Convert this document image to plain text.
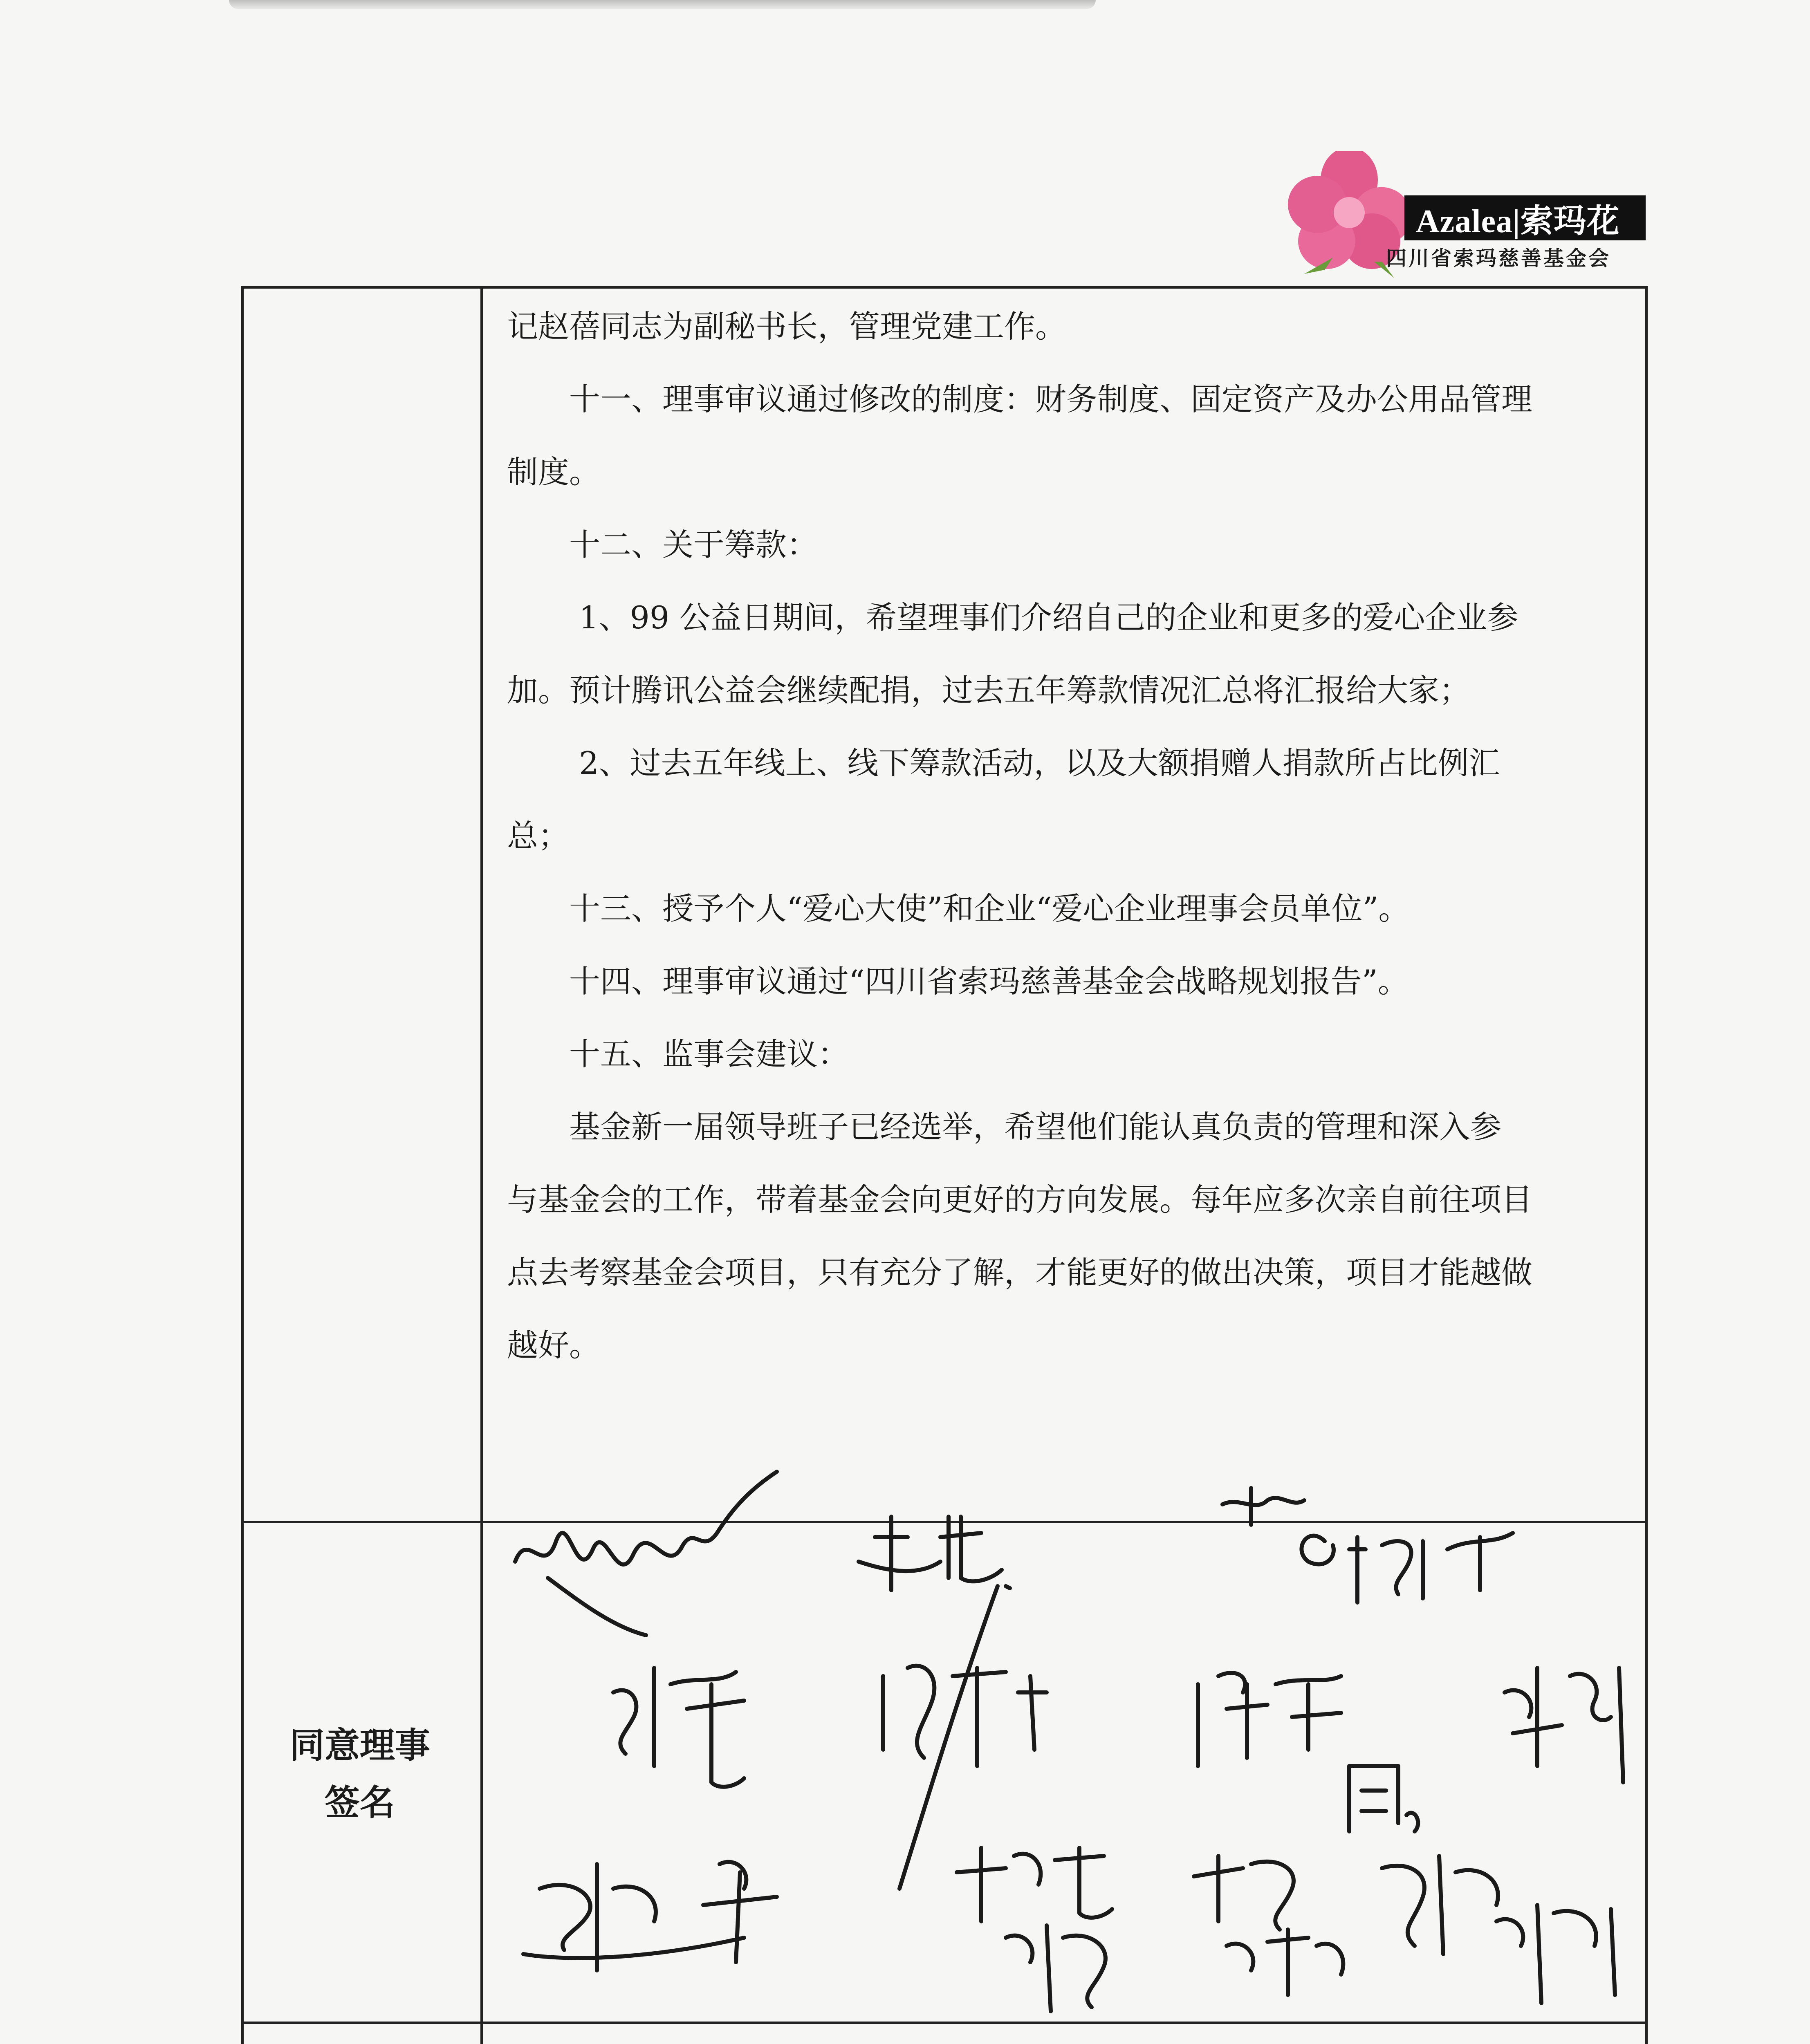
Azalea|索玛花
四川省索玛慈善基金会

记赵蓓同志为副秘书长，管理党建工作。

　　十一、理事审议通过修改的制度：财务制度、固定资产及办公用品管理

制度。

　　十二、关于筹款：

　　 1、99 公益日期间，希望理事们介绍自己的企业和更多的爱心企业参

加。预计腾讯公益会继续配捐，过去五年筹款情况汇总将汇报给大家；

　　 2、过去五年线上、线下筹款活动，以及大额捐赠人捐款所占比例汇

总；

　　十三、授予个人“爱心大使”和企业“爱心企业理事会员单位”。

　　十四、理事审议通过“四川省索玛慈善基金会战略规划报告”。

　　十五、监事会建议：

　　基金新一届领导班子已经选举，希望他们能认真负责的管理和深入参

与基金会的工作，带着基金会向更好的方向发展。每年应多次亲自前往项目

点去考察基金会项目，只有充分了解，才能更好的做出决策，项目才能越做

越好。

同意理事
签名
